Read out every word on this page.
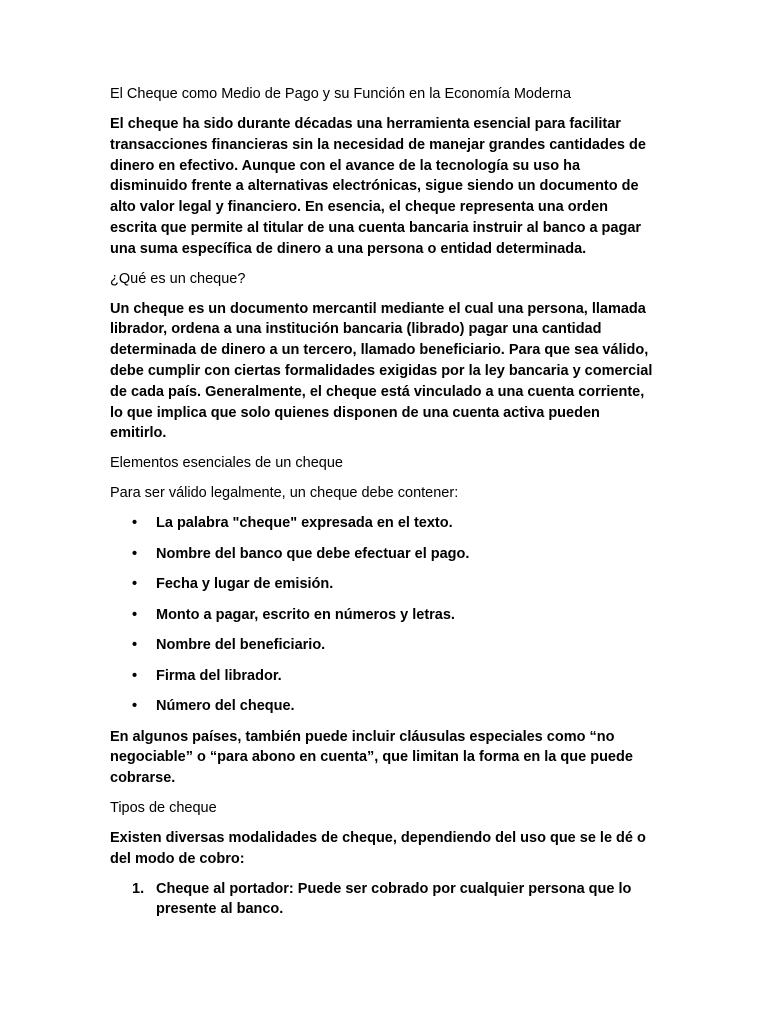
El Cheque como Medio de Pago y su Función en la Economía Moderna

El cheque ha sido durante décadas una herramienta esencial para facilitar transacciones financieras sin la necesidad de manejar grandes cantidades de dinero en efectivo. Aunque con el avance de la tecnología su uso ha disminuido frente a alternativas electrónicas, sigue siendo un documento de alto valor legal y financiero. En esencia, el cheque representa una orden escrita que permite al titular de una cuenta bancaria instruir al banco a pagar una suma específica de dinero a una persona o entidad determinada.

¿Qué es un cheque?

Un cheque es un documento mercantil mediante el cual una persona, llamada librador, ordena a una institución bancaria (librado) pagar una cantidad determinada de dinero a un tercero, llamado beneficiario. Para que sea válido, debe cumplir con ciertas formalidades exigidas por la ley bancaria y comercial de cada país. Generalmente, el cheque está vinculado a una cuenta corriente, lo que implica que solo quienes disponen de una cuenta activa pueden emitirlo.

Elementos esenciales de un cheque

Para ser válido legalmente, un cheque debe contener:

• La palabra "cheque" expresada en el texto.
• Nombre del banco que debe efectuar el pago.
• Fecha y lugar de emisión.
• Monto a pagar, escrito en números y letras.
• Nombre del beneficiario.
• Firma del librador.
• Número del cheque.

En algunos países, también puede incluir cláusulas especiales como “no negociable” o “para abono en cuenta”, que limitan la forma en la que puede cobrarse.

Tipos de cheque

Existen diversas modalidades de cheque, dependiendo del uso que se le dé o del modo de cobro:

1. Cheque al portador: Puede ser cobrado por cualquier persona que lo presente al banco.
